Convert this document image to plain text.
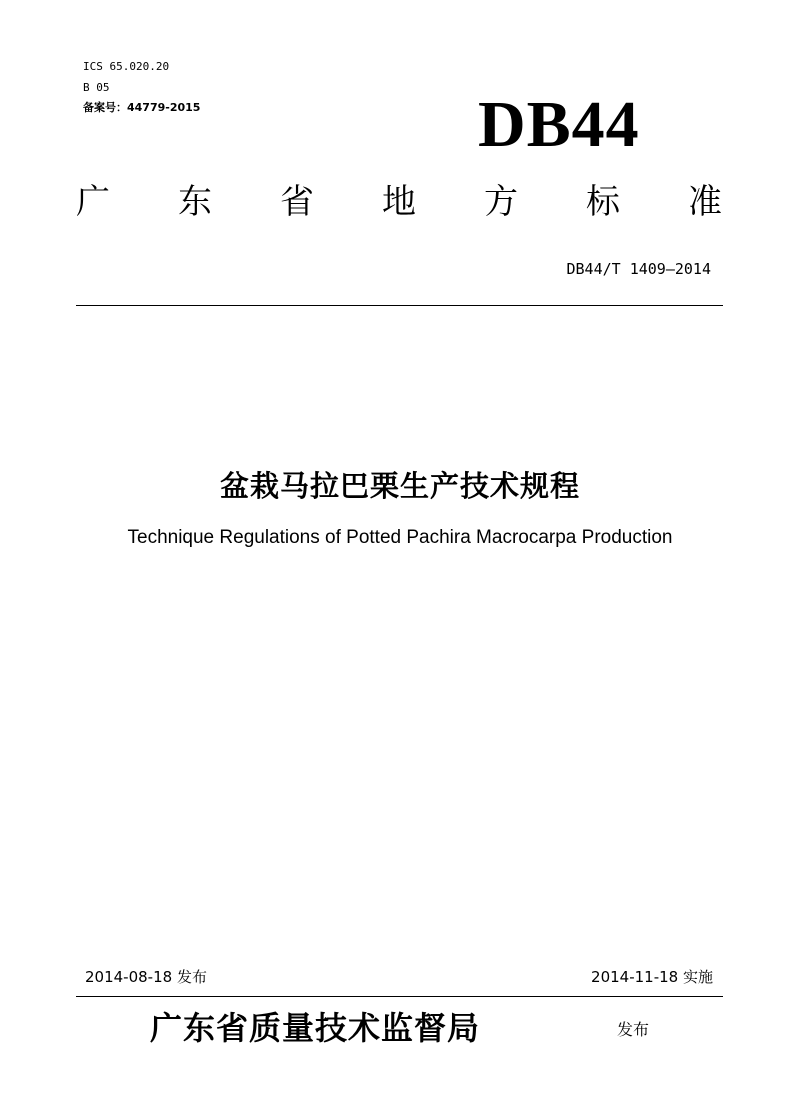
ICS 65.020.20
B 05
备案号：44779-2015	DB44
广 东 省 地 方 标 准
DB44/T 1409—2014
盆栽马拉巴栗生产技术规程
Technique Regulations of Potted Pachira Macrocarpa Production
2014-08-18 发布	2014-11-18 实施
广东省质量技术监督局	发布
